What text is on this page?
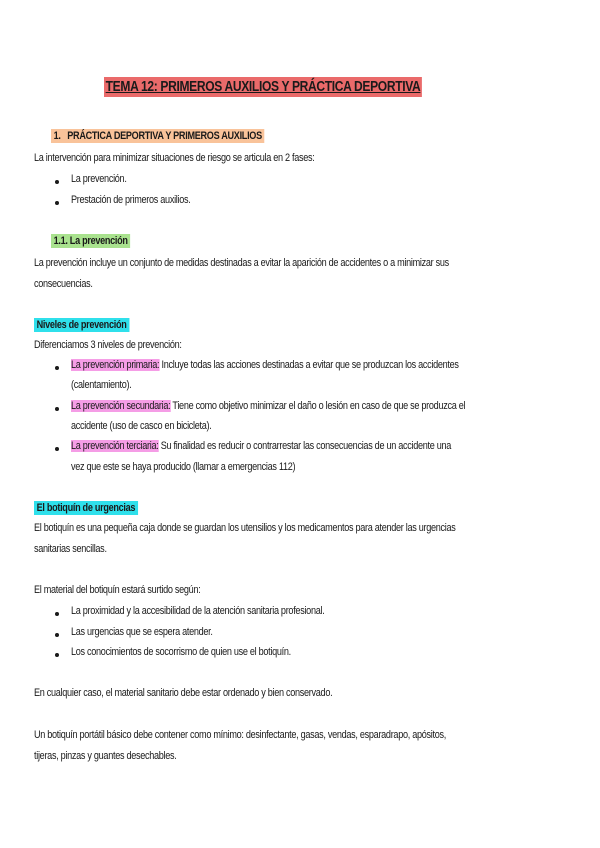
TEMA 12: PRIMEROS AUXILIOS Y PRÁCTICA DEPORTIVA
1. PRÁCTICA DEPORTIVA Y PRIMEROS AUXILIOS
La intervención para minimizar situaciones de riesgo se articula en 2 fases:
La prevención.
Prestación de primeros auxilios.
1.1. La prevención
La prevención incluye un conjunto de medidas destinadas a evitar la aparición de accidentes o a minimizar sus
consecuencias.
Niveles de prevención
Diferenciamos 3 niveles de prevención:
La prevención primaria: Incluye todas las acciones destinadas a evitar que se produzcan los accidentes
(calentamiento).
La prevención secundaria: Tiene como objetivo minimizar el daño o lesión en caso de que se produzca el
accidente (uso de casco en bicicleta).
La prevención terciaria: Su finalidad es reducir o contrarrestar las consecuencias de un accidente una
vez que este se haya producido (llamar a emergencias 112)
El botiquín de urgencias
El botiquín es una pequeña caja donde se guardan los utensilios y los medicamentos para atender las urgencias
sanitarias sencillas.
El material del botiquín estará surtido según:
La proximidad y la accesibilidad de la atención sanitaria profesional.
Las urgencias que se espera atender.
Los conocimientos de socorrismo de quien use el botiquín.
En cualquier caso, el material sanitario debe estar ordenado y bien conservado.
Un botiquín portátil básico debe contener como mínimo: desinfectante, gasas, vendas, esparadrapo, apósitos,
tijeras, pinzas y guantes desechables.
